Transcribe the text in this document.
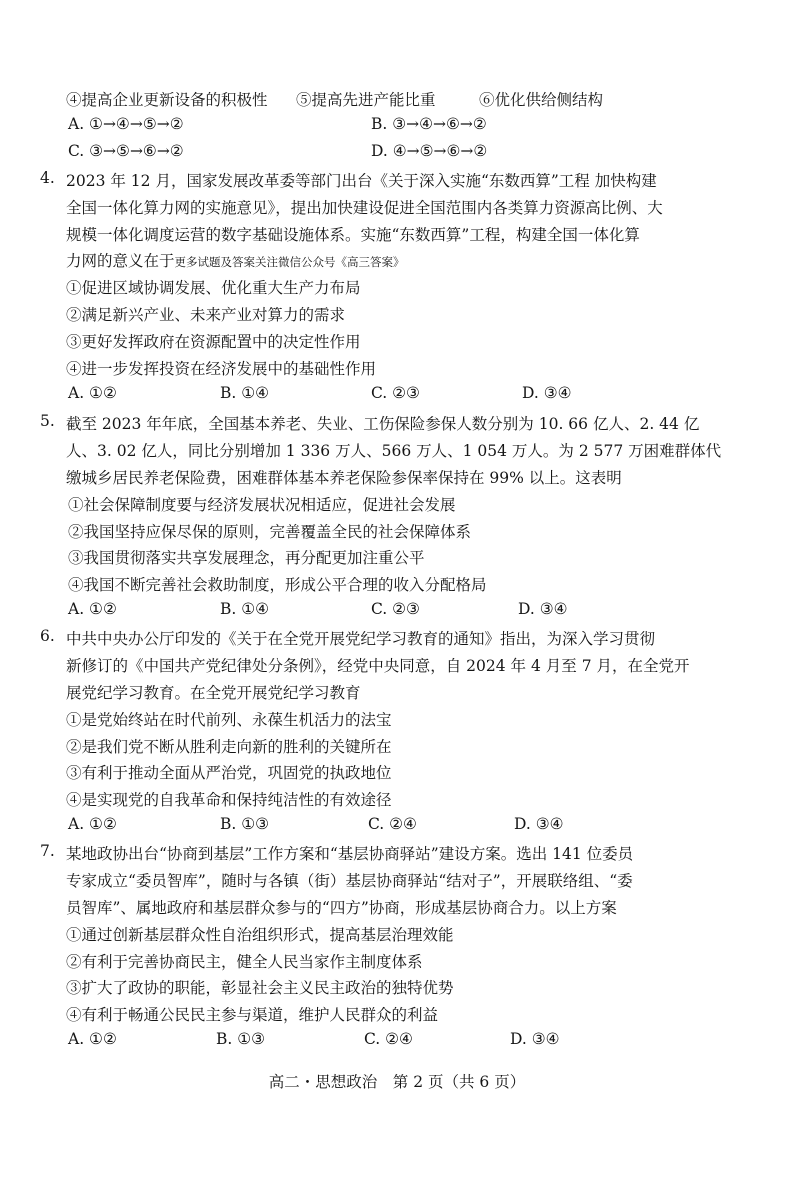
④提高企业更新设备的积极性 ⑤提高先进产能比重	⑥优化供给侧结构
A. ①→④→⑤→②	B. ③→④→⑥→②
C. ③→⑤→⑥→②	D. ④→⑤→⑥→②
4. 2023 年 12 月，国家发展改革委等部门出台《关于深入实施“东数西算”工程 加快构建
全国一体化算力网的实施意见》，提出加快建设促进全国范围内各类算力资源高比例、大
规模一体化调度运营的数字基础设施体系。实施“东数西算”工程，构建全国一体化算
力网的意义在于更多试题及答案关注微信公众号《高三答案》
①促进区域协调发展、优化重大生产力布局
②满足新兴产业、未来产业对算力的需求
③更好发挥政府在资源配置中的决定性作用
④进一步发挥投资在经济发展中的基础性作用
A. ①②	B. ①④	C. ②③	D. ③④
5. 截至 2023 年年底，全国基本养老、失业、工伤保险参保人数分别为 10. 66 亿人、2. 44 亿
人、3. 02 亿人，同比分别增加 1 336 万人、566 万人、1 054 万人。为 2 577 万困难群体代
缴城乡居民养老保险费，困难群体基本养老保险参保率保持在 99% 以上。这表明
①社会保障制度要与经济发展状况相适应，促进社会发展
②我国坚持应保尽保的原则，完善覆盖全民的社会保障体系
③我国贯彻落实共享发展理念，再分配更加注重公平
④我国不断完善社会救助制度，形成公平合理的收入分配格局
A. ①②	B. ①④	C. ②③	D. ③④
6. 中共中央办公厅印发的《关于在全党开展党纪学习教育的通知》指出，为深入学习贯彻
新修订的《中国共产党纪律处分条例》，经党中央同意，自 2024 年 4 月至 7 月，在全党开
展党纪学习教育。在全党开展党纪学习教育
①是党始终站在时代前列、永葆生机活力的法宝
②是我们党不断从胜利走向新的胜利的关键所在
③有利于推动全面从严治党，巩固党的执政地位
④是实现党的自我革命和保持纯洁性的有效途径
A. ①②	B. ①③	C. ②④	D. ③④
7. 某地政协出台“协商到基层”工作方案和“基层协商驿站”建设方案。选出 141 位委员
专家成立“委员智库”，随时与各镇（街）基层协商驿站“结对子”，开展联络组、“委
员智库”、属地政府和基层群众参与的“四方”协商，形成基层协商合力。以上方案
①通过创新基层群众性自治组织形式，提高基层治理效能
②有利于完善协商民主，健全人民当家作主制度体系
③扩大了政协的职能，彰显社会主义民主政治的独特优势
④有利于畅通公民民主参与渠道，维护人民群众的利益
A. ①②	B. ①③	C. ②④	D. ③④
高二・思想政治　第 2 页（共 6 页）
